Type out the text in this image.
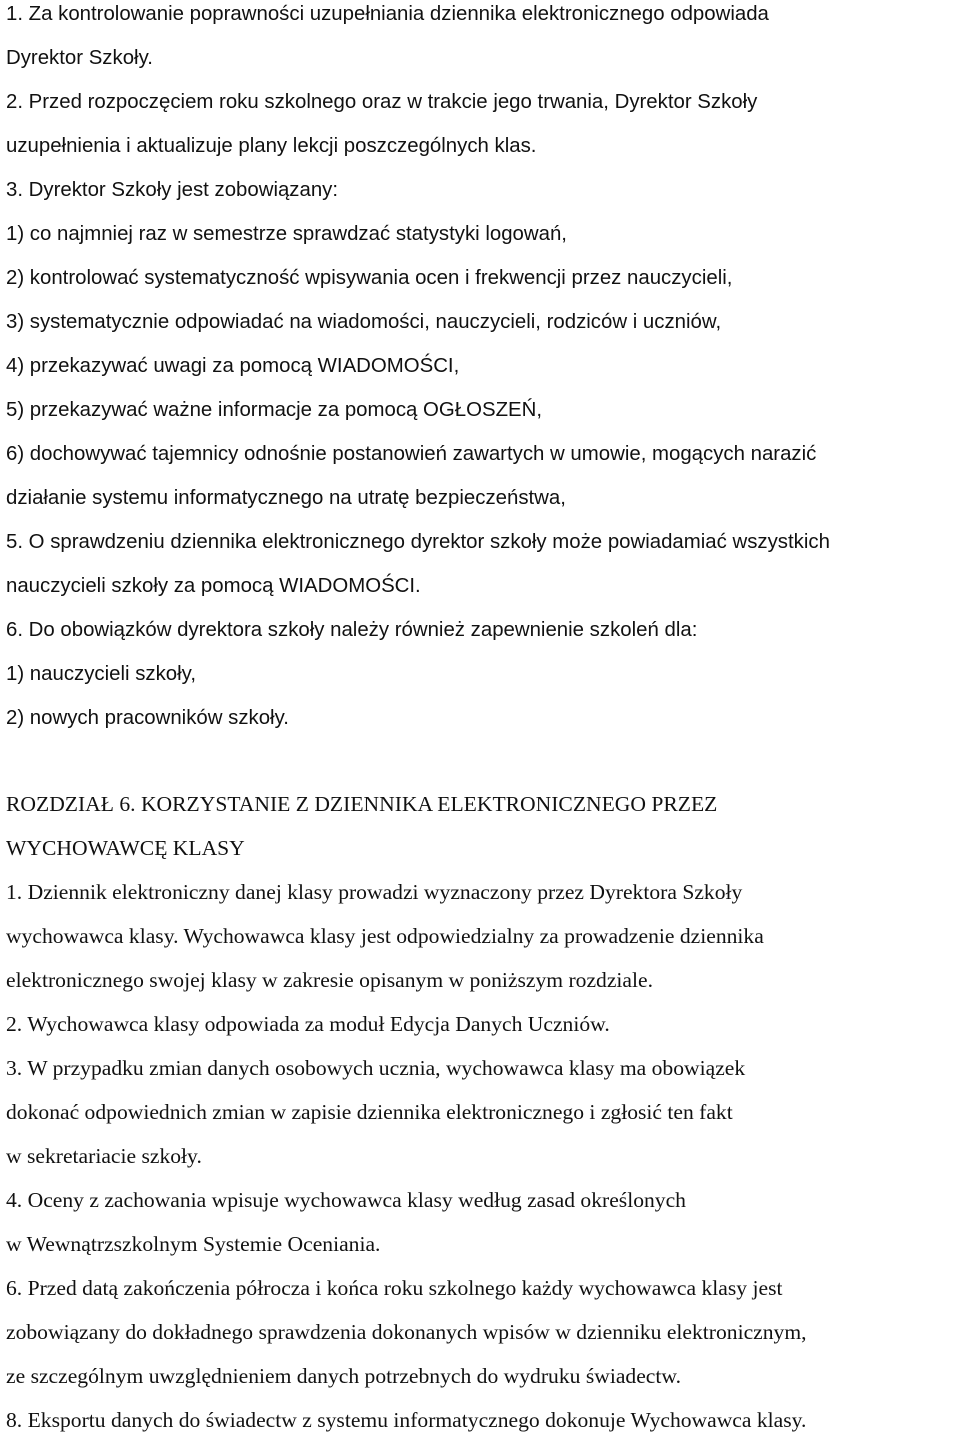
1. Za kontrolowanie poprawności uzupełniania dziennika elektronicznego odpowiada
Dyrektor Szkoły.
2. Przed rozpoczęciem roku szkolnego oraz w trakcie jego trwania, Dyrektor Szkoły
uzupełnienia i aktualizuje plany lekcji poszczególnych klas.
3. Dyrektor Szkoły jest zobowiązany:
1) co najmniej raz w semestrze sprawdzać statystyki logowań,
2) kontrolować systematyczność wpisywania ocen i frekwencji przez nauczycieli,
3) systematycznie odpowiadać na wiadomości, nauczycieli, rodziców i uczniów,
4) przekazywać uwagi za pomocą WIADOMOŚCI,
5) przekazywać ważne informacje za pomocą OGŁOSZEŃ,
6) dochowywać tajemnicy odnośnie postanowień zawartych w umowie, mogących narazić
działanie systemu informatycznego na utratę bezpieczeństwa,
5. O sprawdzeniu dziennika elektronicznego dyrektor szkoły może powiadamiać wszystkich
nauczycieli szkoły za pomocą WIADOMOŚCI.
6. Do obowiązków dyrektora szkoły należy również zapewnienie szkoleń dla:
1) nauczycieli szkoły,
2) nowych pracowników szkoły.
ROZDZIAŁ 6. KORZYSTANIE Z DZIENNIKA ELEKTRONICZNEGO PRZEZ
WYCHOWAWCĘ KLASY
1. Dziennik elektroniczny danej klasy prowadzi wyznaczony przez Dyrektora Szkoły
wychowawca klasy. Wychowawca klasy jest odpowiedzialny za prowadzenie dziennika
elektronicznego swojej klasy w zakresie opisanym w poniższym rozdziale.
2. Wychowawca klasy odpowiada za moduł Edycja Danych Uczniów.
3. W przypadku zmian danych osobowych ucznia, wychowawca klasy ma obowiązek
dokonać odpowiednich zmian w zapisie dziennika elektronicznego i zgłosić ten fakt
w sekretariacie szkoły.
4. Oceny z zachowania wpisuje wychowawca klasy według zasad określonych
w Wewnątrzszkolnym Systemie Oceniania.
6. Przed datą zakończenia półrocza i końca roku szkolnego każdy wychowawca klasy jest
zobowiązany do dokładnego sprawdzenia dokonanych wpisów w dzienniku elektronicznym,
ze szczególnym uwzględnieniem danych potrzebnych do wydruku świadectw.
8. Eksportu danych do świadectw z systemu informatycznego dokonuje Wychowawca klasy.
